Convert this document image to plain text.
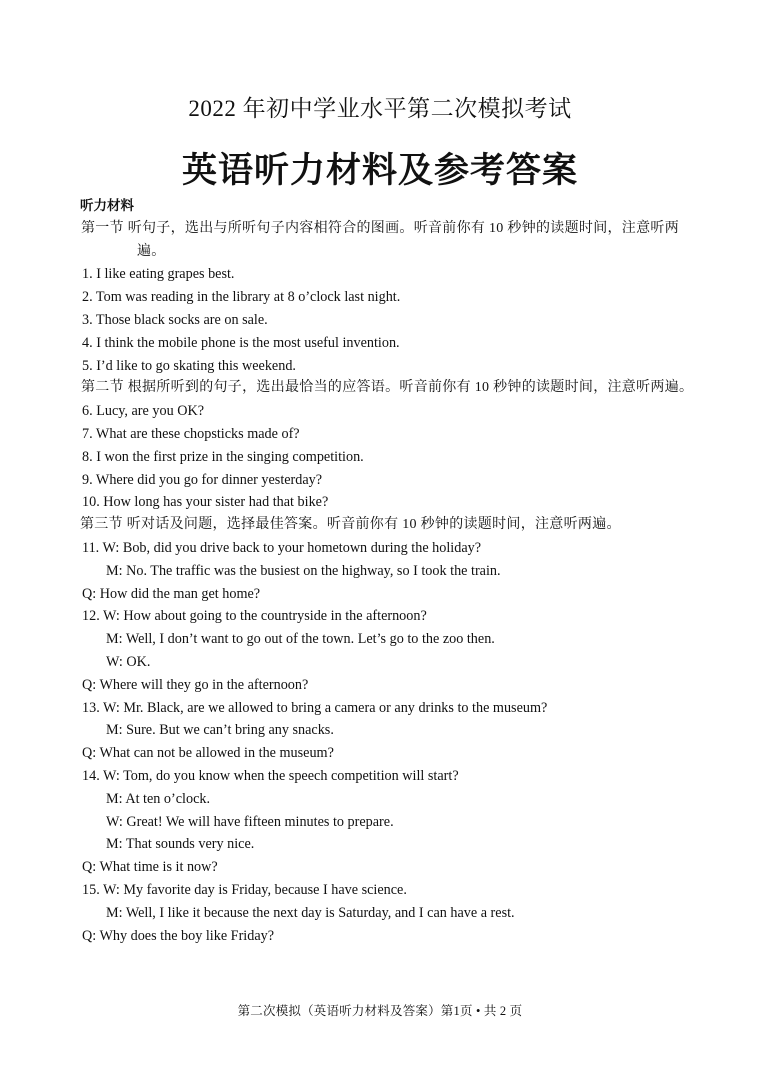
2022 年初中学业水平第二次模拟考试
英语听力材料及参考答案
听力材料
第一节 听句子，选出与所听句子内容相符合的图画。听音前你有 10 秒钟的读题时间，注意听两遍。
1. I like eating grapes best.
2. Tom was reading in the library at 8 o’clock last night.
3. Those black socks are on sale.
4. I think the mobile phone is the most useful invention.
5. I’d like to go skating this weekend.
第二节 根据所听到的句子，选出最恰当的应答语。听音前你有 10 秒钟的读题时间，注意听两遍。
6. Lucy, are you OK?
7. What are these chopsticks made of?
8. I won the first prize in the singing competition.
9. Where did you go for dinner yesterday?
10. How long has your sister had that bike?
第三节 听对话及问题，选择最佳答案。听音前你有 10 秒钟的读题时间，注意听两遍。
11. W: Bob, did you drive back to your hometown during the holiday?
M: No. The traffic was the busiest on the highway, so I took the train.
Q: How did the man get home?
12. W: How about going to the countryside in the afternoon?
M: Well, I don’t want to go out of the town. Let’s go to the zoo then.
W: OK.
Q: Where will they go in the afternoon?
13. W: Mr. Black, are we allowed to bring a camera or any drinks to the museum?
M: Sure. But we can’t bring any snacks.
Q: What can not be allowed in the museum?
14. W: Tom, do you know when the speech competition will start?
M: At ten o’clock.
W: Great! We will have fifteen minutes to prepare.
M: That sounds very nice.
Q: What time is it now?
15. W: My favorite day is Friday, because I have science.
M: Well, I like it because the next day is Saturday, and I can have a rest.
Q: Why does the boy like Friday?
第二次模拟（英语听力材料及答案）第1页 • 共 2 页
